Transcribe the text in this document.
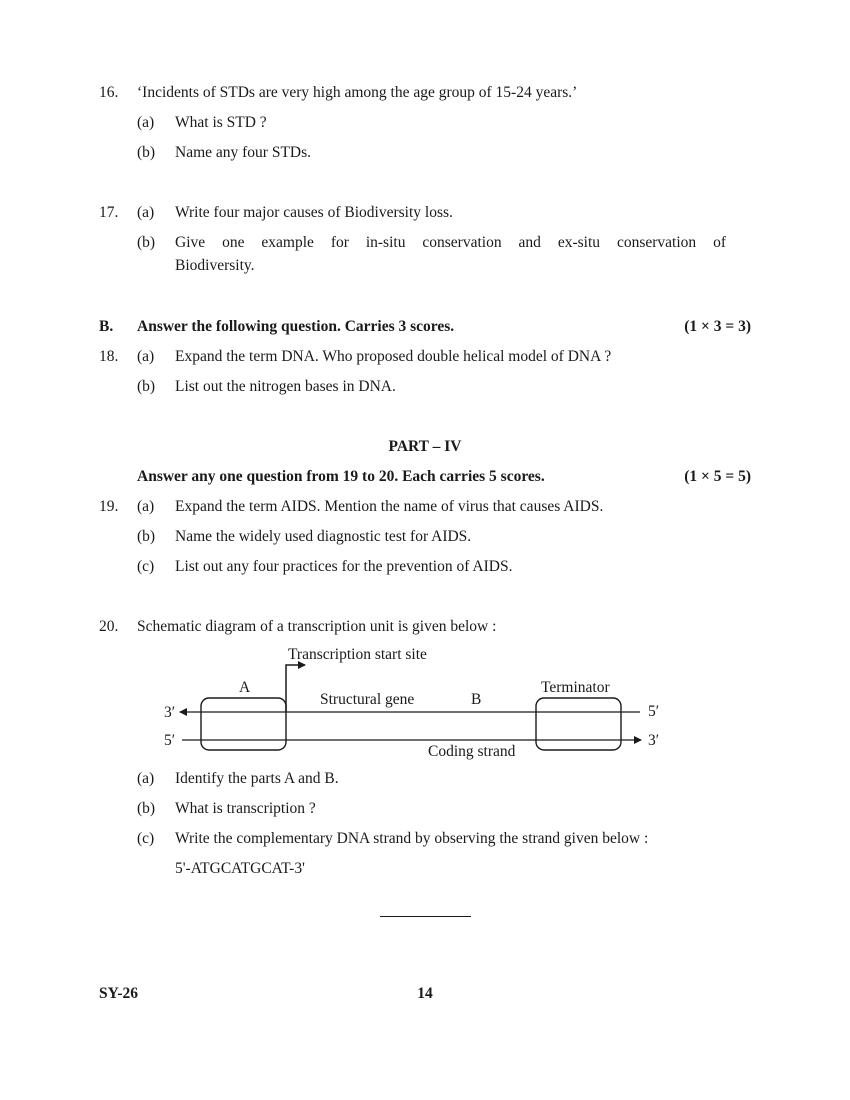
16. ‘Incidents of STDs are very high among the age group of 15-24 years.’
(a) What is STD ?
(b) Name any four STDs.
17. (a) Write four major causes of Biodiversity loss.
(b) Give one example for in-situ conservation and ex-situ conservation of
Biodiversity.
B. Answer the following question. Carries 3 scores.	(1 × 3 = 3)
18. (a) Expand the term DNA. Who proposed double helical model of DNA ?
(b) List out the nitrogen bases in DNA.
PART – IV
Answer any one question from 19 to 20. Each carries 5 scores.	(1 × 5 = 5)
19. (a) Expand the term AIDS. Mention the name of virus that causes AIDS.
(b) Name the widely used diagnostic test for AIDS.
(c) List out any four practices for the prevention of AIDS.
20. Schematic diagram of a transcription unit is given below :
Transcription start site
A
Structural gene	B
Terminator
Coding strand
3′	5′
5′	3′
(a) Identify the parts A and B.
(b) What is transcription ?
(c) Write the complementary DNA strand by observing the strand given below :
5'-ATGCATGCAT-3'
SY-26	14
